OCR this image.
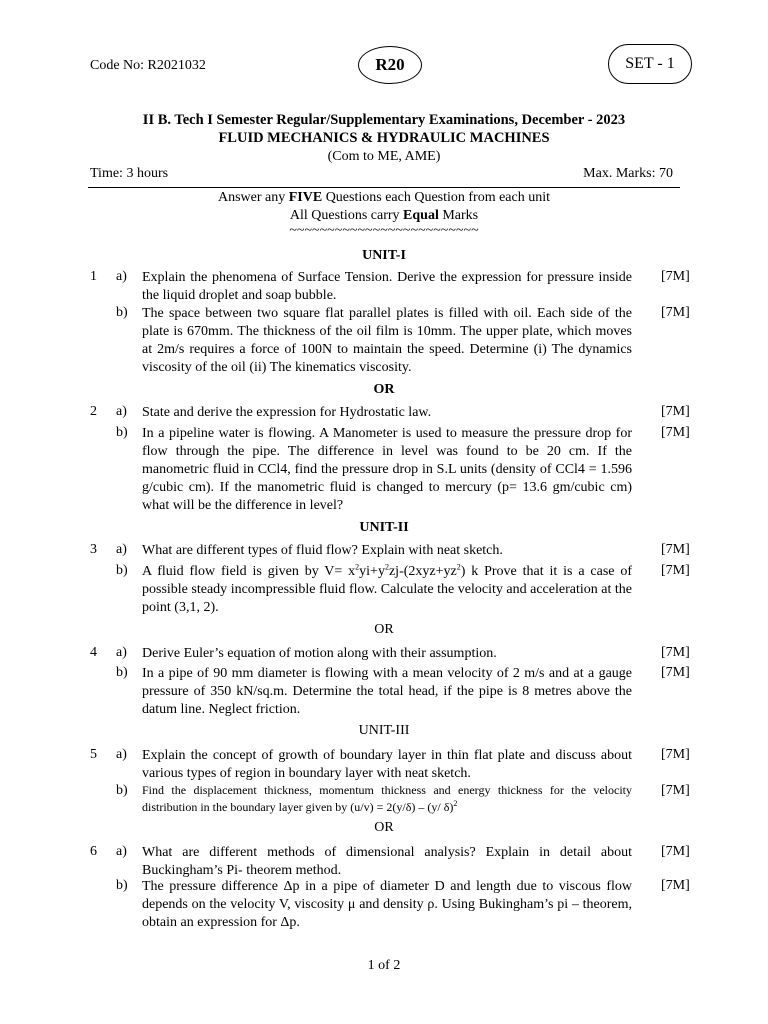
Code No: R2021032	R20	SET - 1
II B. Tech I Semester Regular/Supplementary Examinations, December - 2023
FLUID MECHANICS & HYDRAULIC MACHINES
(Com to ME, AME)
Time: 3 hours	Max. Marks: 70
Answer any FIVE Questions each Question from each unit
All Questions carry Equal Marks
~~~~~~~~~~~~~~~~~~~~~~~~~
UNIT-I
1 a) Explain the phenomena of Surface Tension. Derive the expression for pressure inside the liquid droplet and soap bubble.
[7M]
b) The space between two square flat parallel plates is filled with oil. Each side of the plate is 670mm. The thickness of the oil film is 10mm. The upper plate, which moves at 2m/s requires a force of 100N to maintain the speed. Determine (i) The dynamics viscosity of the oil (ii) The kinematics viscosity.
[7M]
OR
2 a) State and derive the expression for Hydrostatic law.	[7M]
b) In a pipeline water is flowing. A Manometer is used to measure the pressure drop for flow through the pipe. The difference in level was found to be 20 cm. If the manometric fluid in CCl4, find the pressure drop in S.L units (density of CCl4 = 1.596 g/cubic cm). If the manometric fluid is changed to mercury (p= 13.6 gm/cubic cm) what will be the difference in level?
[7M]
UNIT-II
3 a) What are different types of fluid flow? Explain with neat sketch.	[7M]
b) A fluid flow field is given by $V= x^2yi+y^2zj-(2xyz+yz^2)$ k Prove that it is a case of possible steady incompressible fluid flow. Calculate the velocity and acceleration at the point (3,1, 2).
[7M]
OR
4 a) Derive Euler’s equation of motion along with their assumption.	[7M]
b) In a pipe of 90 mm diameter is flowing with a mean velocity of 2 m/s and at a gauge pressure of 350 kN/sq.m. Determine the total head, if the pipe is 8 metres above the datum line. Neglect friction.
[7M]
UNIT-III
5 a) Explain the concept of growth of boundary layer in thin flat plate and discuss about various types of region in boundary layer with neat sketch.
[7M]
b) Find the displacement thickness, momentum thickness and energy thickness for the velocity distribution in the boundary layer given by (u/v) = 2(y/δ) – (y/ δ)$^2$
[7M]
OR
6 a) What are different methods of dimensional analysis? Explain in detail about Buckingham’s Pi- theorem method.
[7M]
b) The pressure difference Δp in a pipe of diameter D and length due to viscous flow depends on the velocity V, viscosity μ and density ρ. Using Bukingham’s pi – theorem, obtain an expression for Δp.
[7M]
1 of 2
